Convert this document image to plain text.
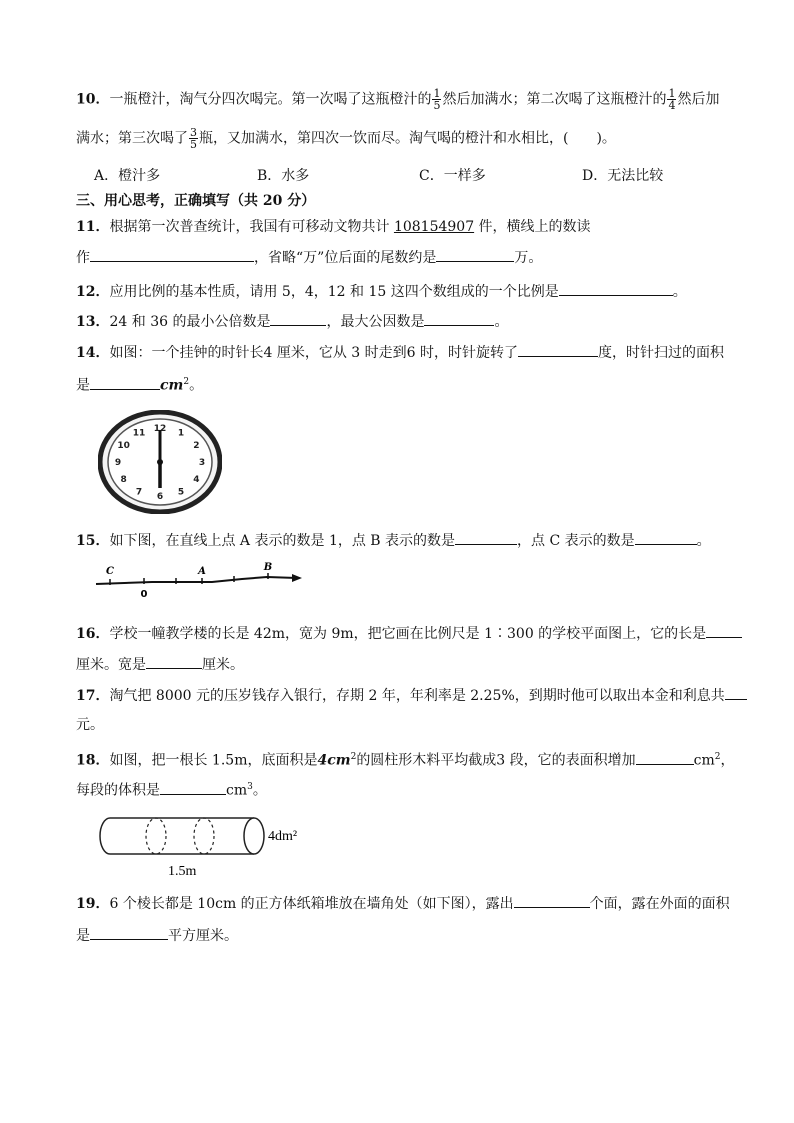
10．一瓶橙汁，淘气分四次喝完。第一次喝了这瓶橙汁的 $\frac{1}{5}$ 然后加满水；第二次喝了这瓶橙汁的 $\frac{1}{4}$ 然后加
满水；第三次喝了 $\frac{3}{5}$ 瓶，又加满水，第四次一饮而尽。淘气喝的橙汁和水相比，(　　)。
A．橙汁多	B．水多	C．一样多	D．无法比较
三、用心思考，正确填写（共 20 分）
11．根据第一次普查统计，我国有可移动文物共计 108154907 件，横线上的数读
作	，省略“万”位后面的尾数约是	万。
12．应用比例的基本性质，请用 5，4，12 和 15 这四个数组成的一个比例是	。
13．24 和 36 的最小公倍数是	，最大公因数是	。
14．如图：一个挂钟的时针长4 厘米，它从 3 时走到6 时，时针旋转了	度，时针扫过的面积
是	$cm^2$。
12 1
2
3
4
5
6
7
8
9
10
11
15．如下图，在直线上点 A 表示的数是 1，点 B 表示的数是	，点 C 表示的数是	。
C	A	B
0
16．学校一幢教学楼的长是 42m，宽为 9m，把它画在比例尺是 1∶300 的学校平面图上，它的长是
厘米。宽是	厘米。
17．淘气把 8000 元的压岁钱存入银行，存期 2 年，年利率是 2.25%，到期时他可以取出本金和利息共
元。
18．如图，把一根长 1.5m，底面积是$4cm^2$的圆柱形木料平均截成3 段，它的表面积增加	$cm^2$，
每段的体积是	$cm^3$。
4dm²
1.5m
19．6 个棱长都是 10cm 的正方体纸箱堆放在墙角处（如下图），露出	个面，露在外面的面积
是	平方厘米。
